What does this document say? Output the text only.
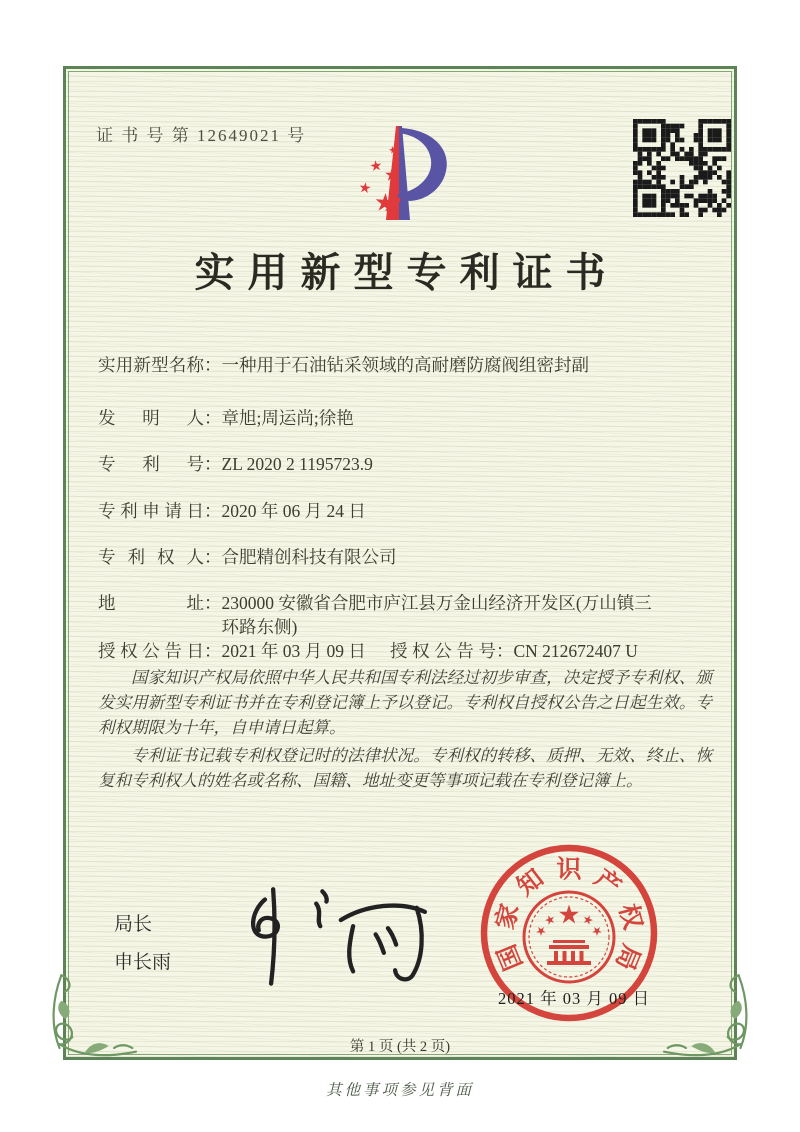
证 书 号 第 12649021 号
实用新型专利证书
实用新型名称 ： 一种用于石油钻采领域的高耐磨防腐阀组密封副
发明人 ： 章旭;周运尚;徐艳
专利号 ： ZL 2020 2 1195723.9
专利申请日 ： 2020 年 06 月 24 日
专利权人 ： 合肥精创科技有限公司
地址 ： 230000 安徽省合肥市庐江县万金山经济开发区(万山镇三环路东侧)
授权公告日 ： 2021 年 03 月 09 日 授权公告号 ： CN 212672407 U

国家知识产权局依照中华人民共和国专利法经过初步审查，决定授予专利权、颁发实用新型专利证书并在专利登记簿上予以登记。专利权自授权公告之日起生效。专利权期限为十年，自申请日起算。

专利证书记载专利权登记时的法律状况。专利权的转移、质押、无效、终止、恢复和专利权人的姓名或名称、国籍、地址变更等事项记载在专利登记簿上。

局长
申长雨	国
家
知 识 产
权
局
2021 年 03 月 09 日
第 1 页 (共 2 页)
其他事项参见背面
